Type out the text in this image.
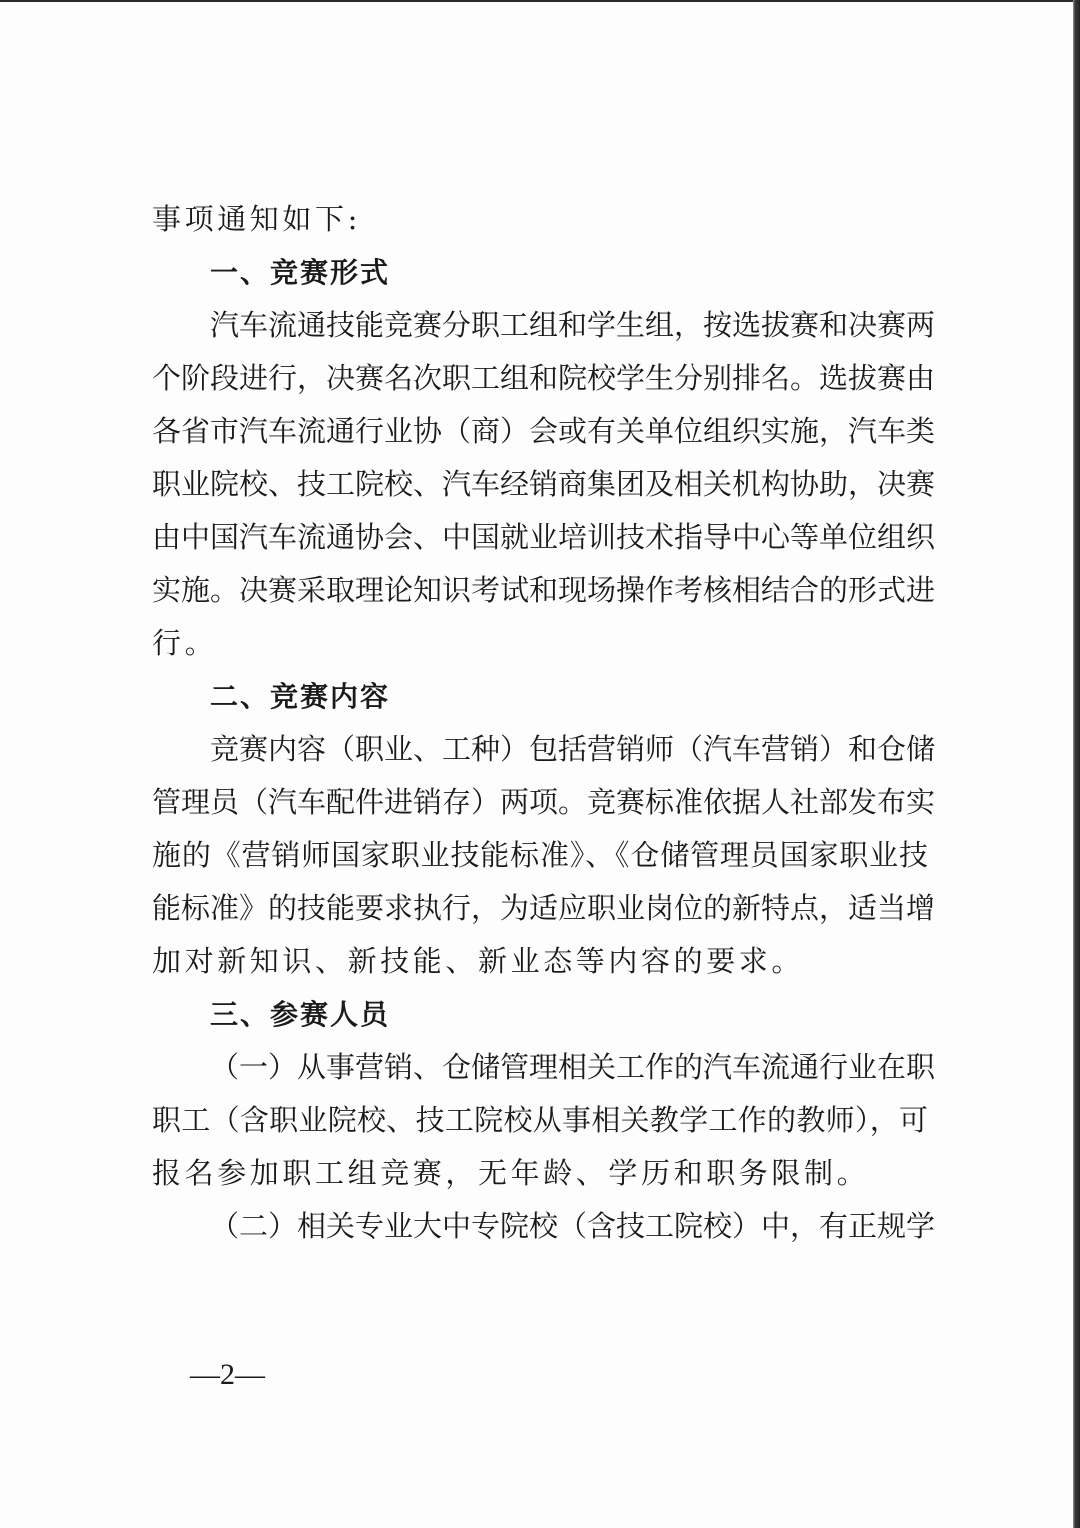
事项通知如下:
一、竞赛形式
汽车流通技能竞赛分职工组和学生组，按选拔赛和决赛两
个阶段进行，决赛名次职工组和院校学生分别排名。选拔赛由
各省市汽车流通行业协（商）会或有关单位组织实施，汽车类
职业院校、技工院校、汽车经销商集团及相关机构协助，决赛
由中国汽车流通协会、中国就业培训技术指导中心等单位组织
实施。决赛采取理论知识考试和现场操作考核相结合的形式进
行。
二、竞赛内容
竞赛内容（职业、工种）包括营销师（汽车营销）和仓储
管理员（汽车配件进销存）两项。竞赛标准依据人社部发布实
施的《营销师国家职业技能标准》、《仓储管理员国家职业技
能标准》的技能要求执行，为适应职业岗位的新特点，适当增
加对新知识、新技能、新业态等内容的要求。
三、参赛人员
（一）从事营销、仓储管理相关工作的汽车流通行业在职
职工（含职业院校、技工院校从事相关教学工作的教师），可
报名参加职工组竞赛，无年龄、学历和职务限制。
（二）相关专业大中专院校（含技工院校）中，有正规学
—2—
